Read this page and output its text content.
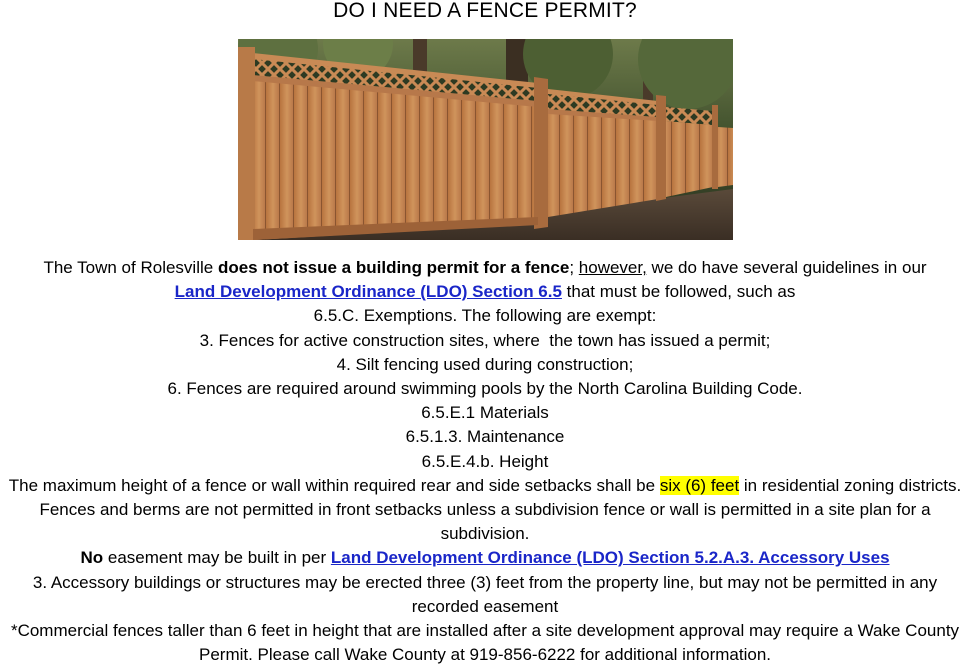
DO I NEED A FENCE PERMIT?

The Town of Rolesville does not issue a building permit for a fence; however, we do have several guidelines in our

Land Development Ordinance (LDO) Section 6.5 that must be followed, such as

6.5.C. Exemptions. The following are exempt:

3. Fences for active construction sites, where  the town has issued a permit;

4. Silt fencing used during construction;

6. Fences are required around swimming pools by the North Carolina Building Code.

6.5.E.1 Materials

6.5.1.3. Maintenance

6.5.E.4.b. Height

The maximum height of a fence or wall within required rear and side setbacks shall be six (6) feet in residential zoning districts. Fences and berms are not permitted in front setbacks unless a subdivision fence or wall is permitted in a site plan for a subdivision.

No easement may be built in per Land Development Ordinance (LDO) Section 5.2.A.3. Accessory Uses

3. Accessory buildings or structures may be erected three (3) feet from the property line, but may not be permitted in any recorded easement

*Commercial fences taller than 6 feet in height that are installed after a site development approval may require a Wake County Permit. Please call Wake County at 919-856-6222 for additional information.
